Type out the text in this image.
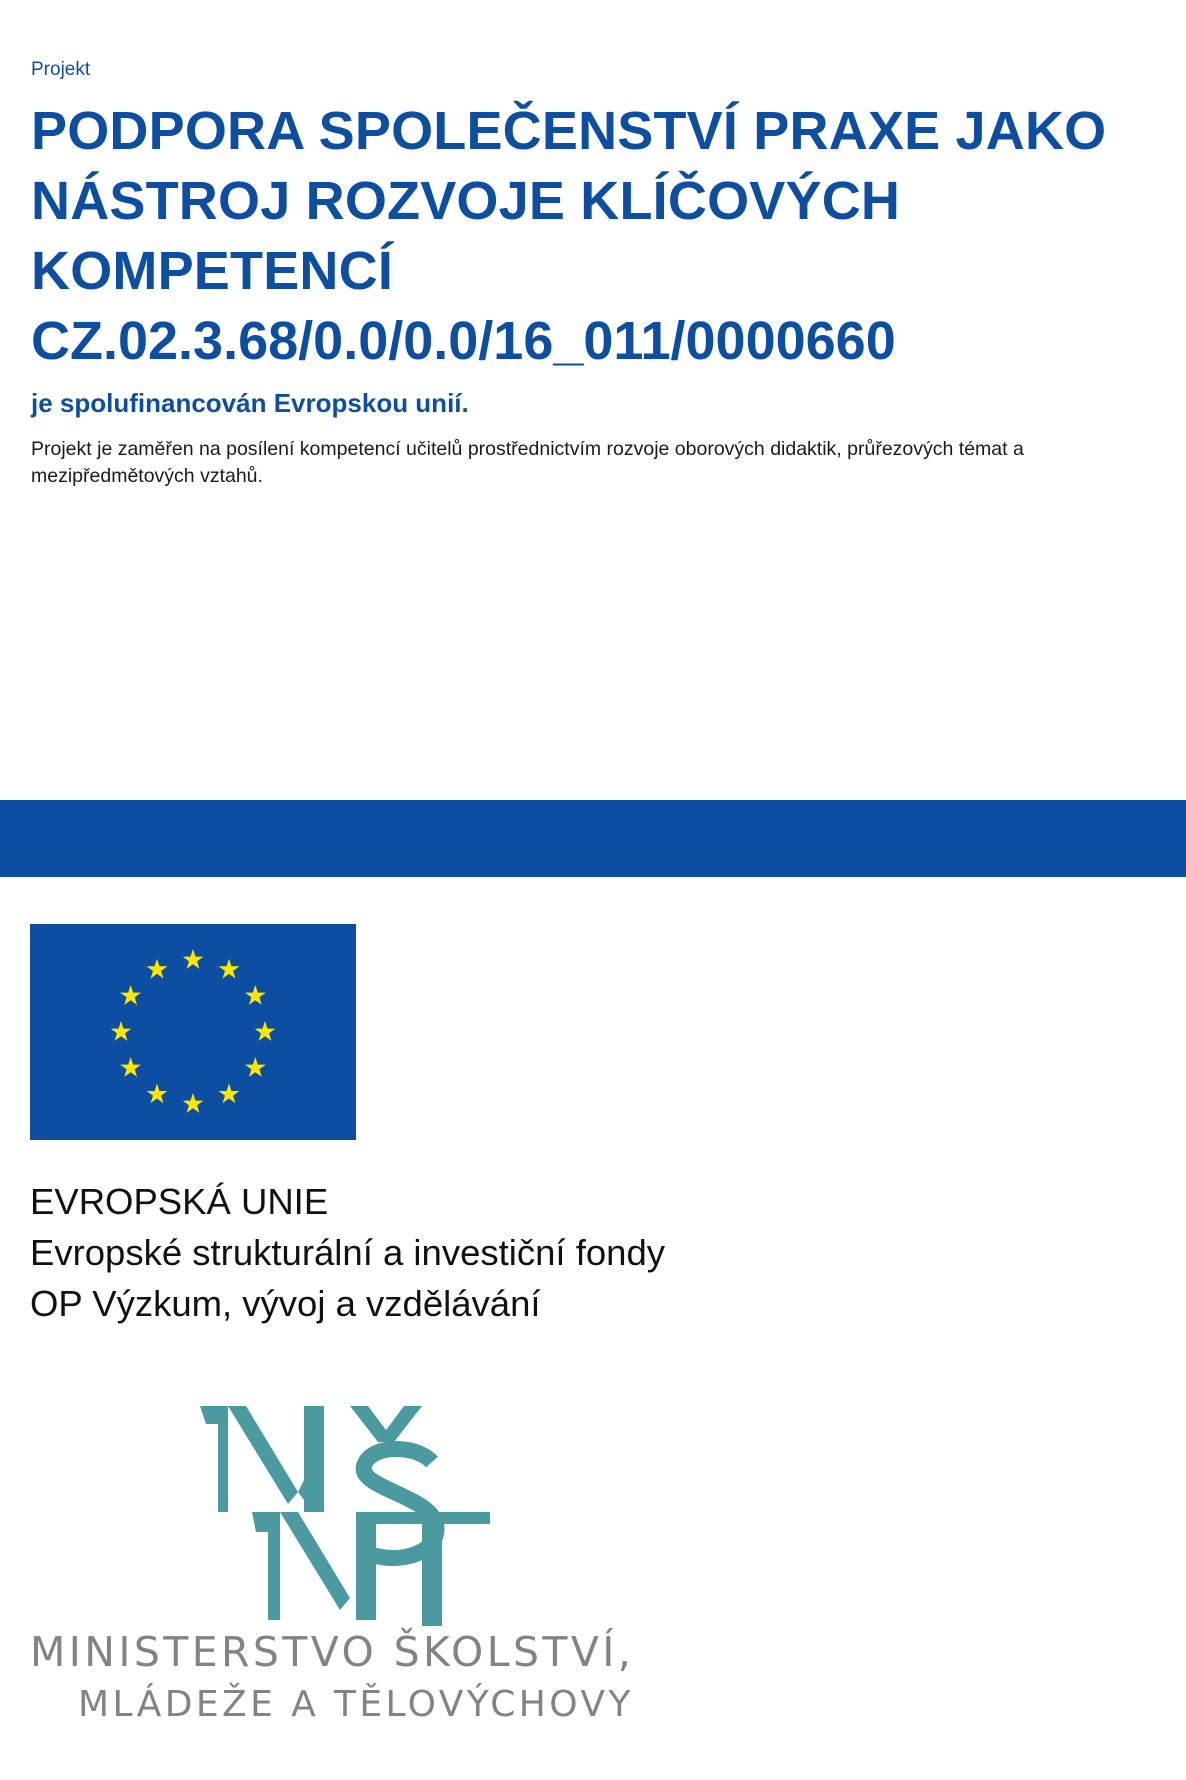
Projekt

PODPORA SPOLEČENSTVÍ PRAXE JAKO NÁSTROJ ROZVOJE KLÍČOVÝCH KOMPETENCÍ

CZ.02.3.68/0.0/0.0/16_011/0000660

je spolufinancován Evropskou unií.

Projekt je zaměřen na posílení kompetencí učitelů prostřednictvím rozvoje oborových didaktik, průřezových témat a mezipředmětových vztahů.

EVROPSKÁ UNIE
Evropské strukturální a investiční fondy
OP Výzkum, vývoj a vzdělávání
MINISTERSTVO ŠKOLSTVÍ,
MLÁDEŽE A TĚLOVÝCHOVY
